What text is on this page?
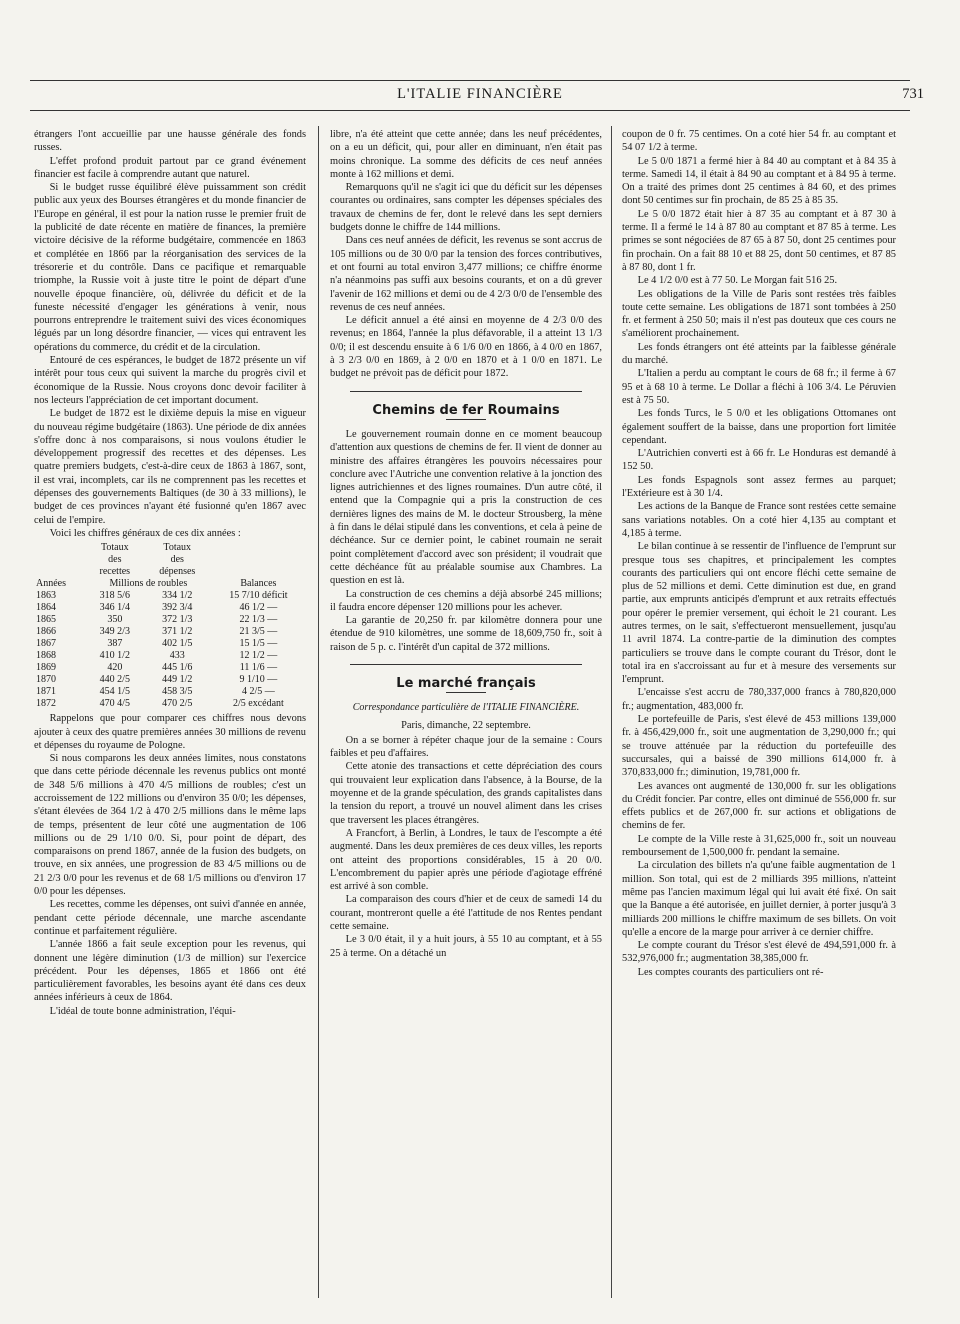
L'ITALIE FINANCIÈRE	731

étrangers l'ont accueillie par une hausse générale des fonds russes.

L'effet profond produit partout par ce grand événement financier est facile à comprendre autant que naturel.

Si le budget russe équilibré élève puissamment son crédit public aux yeux des Bourses étrangères et du monde financier de l'Europe en général, il est pour la nation russe le premier fruit de la publicité de date récente en matière de finances, la première victoire décisive de la réforme budgétaire, commencée en 1863 et complétée en 1866 par la réorganisation des services de la trésorerie et du contrôle. Dans ce pacifique et remarquable triomphe, la Russie voit à juste titre le point de départ d'une nouvelle époque financière, où, délivrée du déficit et de la funeste nécessité d'engager les générations à venir, nous pourrons entreprendre le traitement suivi des vices économiques légués par un long désordre financier, — vices qui entravent les opérations du commerce, du crédit et de la circulation.

Entouré de ces espérances, le budget de 1872 présente un vif intérêt pour tous ceux qui suivent la marche du progrès civil et économique de la Russie. Nous croyons donc devoir faciliter à nos lecteurs l'appréciation de cet important document.

Le budget de 1872 est le dixième depuis la mise en vigueur du nouveau régime budgétaire (1863). Une période de dix années s'offre donc à nos comparaisons, si nous voulons étudier le développement progressif des recettes et des dépenses. Les quatre premiers budgets, c'est-à-dire ceux de 1863 à 1867, sont, il est vrai, incomplets, car ils ne comprennent pas les recettes et dépenses des gouvernements Baltiques (de 30 à 33 millions), le budget de ces provinces n'ayant été fusionné qu'en 1867 avec celui de l'empire.

Voici les chiffres généraux de ces dix années :

	Totaux
des
recettes	Totaux
des
dépenses	
Années	Millions de roubles		Balances
1863	318 5/6	334 1/2	15 7/10 déficit
1864	346 1/4	392 3/4	46 1/2 —
1865	350	372 1/3	22 1/3 —
1866	349 2/3	371 1/2	21 3/5 —
1867	387	402 1/5	15 1/5 —
1868	410 1/2	433	12 1/2 —
1869	420	445 1/6	11 1/6 —
1870	440 2/5	449 1/2	9 1/10 —
1871	454 1/5	458 3/5	4 2/5 —
1872	470 4/5	470 2/5	2/5 excédant

Rappelons que pour comparer ces chiffres nous devons ajouter à ceux des quatre premières années 30 millions de revenu et dépenses du royaume de Pologne.

Si nous comparons les deux années limites, nous constatons que dans cette période décennale les revenus publics ont monté de 348 5/6 millions à 470 4/5 millions de roubles; c'est un accroissement de 122 millions ou d'environ 35 0/0; les dépenses, s'étant élevées de 364 1/2 à 470 2/5 millions dans le même laps de temps, présentent de leur côté une augmentation de 106 millions ou de 29 1/10 0/0. Si, pour point de départ, des comparaisons on prend 1867, année de la fusion des budgets, on trouve, en six années, une progression de 83 4/5 millions ou de 21 2/3 0/0 pour les revenus et de 68 1/5 millions ou d'environ 17 0/0 pour les dépenses.

Les recettes, comme les dépenses, ont suivi d'année en année, pendant cette période décennale, une marche ascendante continue et parfaitement régulière.

L'année 1866 a fait seule exception pour les revenus, qui donnent une légère diminution (1/3 de million) sur l'exercice précédent. Pour les dépenses, 1865 et 1866 ont été particulièrement favorables, les besoins ayant été dans ces deux années inférieurs à ceux de 1864.

L'idéal de toute bonne administration, l'équi-

libre, n'a été atteint que cette année; dans les neuf précédentes, on a eu un déficit, qui, pour aller en diminuant, n'en était pas moins chronique. La somme des déficits de ces neuf années monte à 162 millions et demi.

Remarquons qu'il ne s'agit ici que du déficit sur les dépenses courantes ou ordinaires, sans compter les dépenses spéciales des travaux de chemins de fer, dont le relevé dans les sept derniers budgets donne le chiffre de 144 millions.

Dans ces neuf années de déficit, les revenus se sont accrus de 105 millions ou de 30 0/0 par la tension des forces contributives, et ont fourni au total environ 3,477 millions; ce chiffre énorme n'a néanmoins pas suffi aux besoins courants, et on a dû grever l'avenir de 162 millions et demi ou de 4 2/3 0/0 de l'ensemble des revenus de ces neuf années.

Le déficit annuel a été ainsi en moyenne de 4 2/3 0/0 des revenus; en 1864, l'année la plus défavorable, il a atteint 13 1/3 0/0; il est descendu ensuite à 6 1/6 0/0 en 1866, à 4 0/0 en 1867, à 3 2/3 0/0 en 1869, à 2 0/0 en 1870 et à 1 0/0 en 1871. Le budget ne prévoit pas de déficit pour 1872.

Chemins de fer Roumains

Le gouvernement roumain donne en ce moment beaucoup d'attention aux questions de chemins de fer. Il vient de donner au ministre des affaires étrangères les pouvoirs nécessaires pour conclure avec l'Autriche une convention relative à la jonction des lignes autrichiennes et des lignes roumaines. D'un autre côté, il entend que la Compagnie qui a pris la construction de ces dernières lignes des mains de M. le docteur Strousberg, la mène à fin dans le délai stipulé dans les conventions, et cela à peine de déchéance. Sur ce dernier point, le cabinet roumain ne serait point complètement d'accord avec son président; il voudrait que cette déchéance fût au préalable soumise aux Chambres. La question en est là.

La construction de ces chemins a déjà absorbé 245 millions; il faudra encore dépenser 120 millions pour les achever.

La garantie de 20,250 fr. par kilomètre donnera pour une étendue de 910 kilomètres, une somme de 18,609,750 fr., soit à raison de 5 p. c. l'intérêt d'un capital de 372 millions.

Le marché français
Correspondance particulière de l'ITALIE FINANCIÈRE.
Paris, dimanche, 22 septembre.

On a se borner à répéter chaque jour de la semaine : Cours faibles et peu d'affaires.

Cette atonie des transactions et cette dépréciation des cours qui trouvaient leur explication dans l'absence, à la Bourse, de la moyenne et de la grande spéculation, des grands capitalistes dans la tension du report, a trouvé un nouvel aliment dans les crises que traversent les places étrangères.

A Francfort, à Berlin, à Londres, le taux de l'escompte a été augmenté. Dans les deux premières de ces deux villes, les reports ont atteint des proportions considérables, 15 à 20 0/0. L'encombrement du papier après une période d'agiotage effréné est arrivé à son comble.

La comparaison des cours d'hier et de ceux de samedi 14 du courant, montreront quelle a été l'attitude de nos Rentes pendant cette semaine.

Le 3 0/0 était, il y a huit jours, à 55 10 au comptant, et à 55 25 à terme. On a détaché un

coupon de 0 fr. 75 centimes. On a coté hier 54 fr. au comptant et 54 07 1/2 à terme.

Le 5 0/0 1871 a fermé hier à 84 40 au comptant et à 84 35 à terme. Samedi 14, il était à 84 90 au comptant et à 84 95 à terme. On a traité des primes dont 25 centimes à 84 60, et des primes dont 50 centimes sur fin prochain, de 85 25 à 85 35.

Le 5 0/0 1872 était hier à 87 35 au comptant et à 87 30 à terme. Il a fermé le 14 à 87 80 au comptant et 87 85 à terme. Les primes se sont négociées de 87 65 à 87 50, dont 25 centimes pour fin prochain. On a fait 88 10 et 88 25, dont 50 centimes, et 87 85 à 87 80, dont 1 fr.

Le 4 1/2 0/0 est à 77 50. Le Morgan fait 516 25.

Les obligations de la Ville de Paris sont restées très faibles toute cette semaine. Les obligations de 1871 sont tombées à 250 fr. et ferment à 250 50; mais il n'est pas douteux que ces cours ne s'améliorent prochainement.

Les fonds étrangers ont été atteints par la faiblesse générale du marché.

L'Italien a perdu au comptant le cours de 68 fr.; il ferme à 67 95 et à 68 10 à terme. Le Dollar a fléchi à 106 3/4. Le Péruvien est à 75 50.

Les fonds Turcs, le 5 0/0 et les obligations Ottomanes ont également souffert de la baisse, dans une proportion fort limitée cependant.

L'Autrichien converti est à 66 fr. Le Honduras est demandé à 152 50.

Les fonds Espagnols sont assez fermes au parquet; l'Extérieure est à 30 1/4.

Les actions de la Banque de France sont restées cette semaine sans variations notables. On a coté hier 4,135 au comptant et 4,185 à terme.

Le bilan continue à se ressentir de l'influence de l'emprunt sur presque tous ses chapitres, et principalement les comptes courants des particuliers qui ont encore fléchi cette semaine de plus de 52 millions et demi. Cette diminution est due, en grand partie, aux emprunts anticipés d'emprunt et aux retraits effectués pour opérer le premier versement, qui échoit le 21 courant. Les autres termes, on le sait, s'effectueront mensuellement, jusqu'au 11 avril 1874. La contre-partie de la diminution des comptes particuliers se trouve dans le compte courant du Trésor, dont le total ira en s'accroissant au fur et à mesure des versements sur l'emprunt.

L'encaisse s'est accru de 780,337,000 francs à 780,820,000 fr.; augmentation, 483,000 fr.

Le portefeuille de Paris, s'est élevé de 453 millions 139,000 fr. à 456,429,000 fr., soit une augmentation de 3,290,000 fr.; qui se trouve atténuée par la réduction du portefeuille des succursales, qui a baissé de 390 millions 614,000 fr. à 370,833,000 fr.; diminution, 19,781,000 fr.

Les avances ont augmenté de 130,000 fr. sur les obligations du Crédit foncier. Par contre, elles ont diminué de 556,000 fr. sur effets publics et de 267,000 fr. sur actions et obligations de chemins de fer.

Le compte de la Ville reste à 31,625,000 fr., soit un nouveau remboursement de 1,500,000 fr. pendant la semaine.

La circulation des billets n'a qu'une faible augmentation de 1 million. Son total, qui est de 2 milliards 395 millions, n'atteint même pas l'ancien maximum légal qui lui avait été fixé. On sait que la Banque a été autorisée, en juillet dernier, à porter jusqu'à 3 milliards 200 millions le chiffre maximum de ses billets. On voit qu'elle a encore de la marge pour arriver à ce dernier chiffre.

Le compte courant du Trésor s'est élevé de 494,591,000 fr. à 532,976,000 fr.; augmentation 38,385,000 fr.

Les comptes courants des particuliers ont ré-
